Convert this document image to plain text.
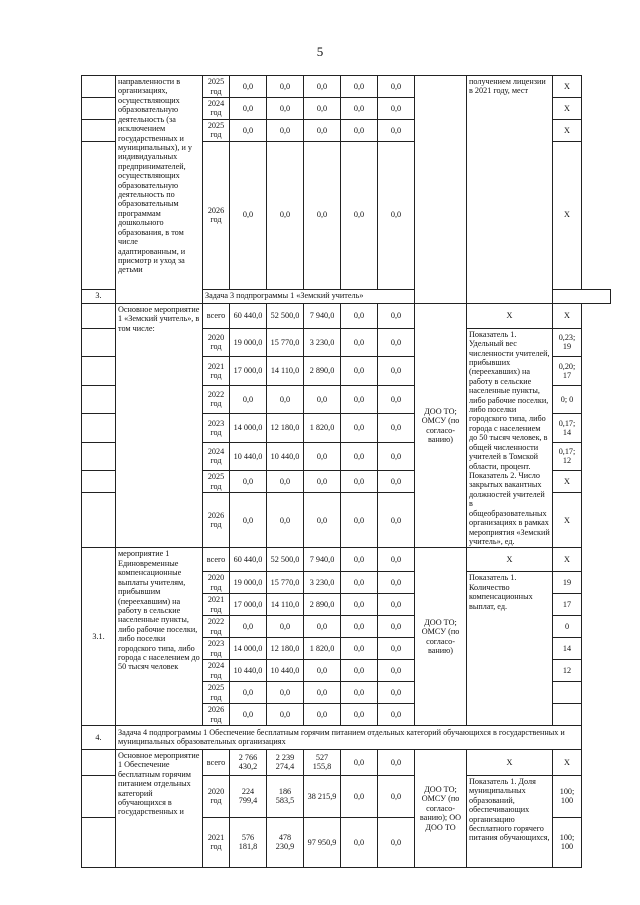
5
	направленности в организациях, осуществляющих образовательную деятельность (за исключением государственных и муниципальных), и у индивидуальных предпринимателей, осуществляющих образовательную деятельность по образовательным программам дошкольного образования, в том числе адаптированным, и присмотр и уход за детьми	2025 год	0,0	0,0	0,0	0,0	0,0		получением лицензии в 2021 году, мест	X
		2024 год	0,0	0,0	0,0	0,0	0,0			X
		2025 год	0,0	0,0	0,0	0,0	0,0			X
		2026 год	0,0	0,0	0,0	0,0	0,0			X
3.		Задача 3 подпрограммы 1 «Земский учитель»								
	Основное мероприятие 1 «Земский учитель», в том числе:	всего	60 440,0	52 500,0	7 940,0	0,0	0,0	ДОО ТО; ОМСУ (по согласо-ванию)	X	X
		2020 год	19 000,0	15 770,0	3 230,0	0,0	0,0		Показатель 1. Удельный вес численности учителей, прибывших (переехавших) на работу в сельские населенные пункты, либо рабочие поселки, либо поселки городского типа, либо города с населением до 50 тысяч человек, в общей численности учителей в Томской области, процент. Показатель 2. Число закрытых вакантных должностей учителей в общеобразовательных организациях в рамках мероприятия «Земский учитель», ед.	0,23; 19
		2021 год	17 000,0	14 110,0	2 890,0	0,0	0,0			0,20; 17
		2022 год	0,0	0,0	0,0	0,0	0,0			0; 0
		2023 год	14 000,0	12 180,0	1 820,0	0,0	0,0			0,17; 14
		2024 год	10 440,0	10 440,0	0,0	0,0	0,0			0,17; 12
		2025 год	0,0	0,0	0,0	0,0	0,0			X
		2026 год	0,0	0,0	0,0	0,0	0,0			X
3.1.	мероприятие 1 Единовременные компенсационные выплаты учителям, прибывшим (переехавшим) на работу в сельские населенные пункты, либо рабочие поселки, либо поселки городского типа, либо города с населением до 50 тысяч человек	всего	60 440,0	52 500,0	7 940,0	0,0	0,0	ДОО ТО; ОМСУ (по согласо-ванию)	X	X
		2020 год	19 000,0	15 770,0	3 230,0	0,0	0,0		Показатель 1. Количество компенсационных выплат, ед.	19
		2021 год	17 000,0	14 110,0	2 890,0	0,0	0,0			17
		2022 год	0,0	0,0	0,0	0,0	0,0			0
		2023 год	14 000,0	12 180,0	1 820,0	0,0	0,0			14
		2024 год	10 440,0	10 440,0	0,0	0,0	0,0			12
		2025 год	0,0	0,0	0,0	0,0	0,0			
		2026 год	0,0	0,0	0,0	0,0	0,0			
4.	Задача 4 подпрограммы 1 Обеспечение бесплатным горячим питанием отдельных категорий обучающихся в государственных и муниципальных образовательных организациях									
	Основное мероприятие 1 Обеспечение бесплатным горячим питанием отдельных категорий обучающихся в государственных и	всего	2 766 430,2	2 239 274,4	527 155,8	0,0	0,0	ДОО ТО; ОМСУ (по согласо-ванию); ОО ДОО ТО	X	X
		2020 год	224 799,4	186 583,5	38 215,9	0,0	0,0		Показатель 1. Доля муниципальных образований, обеспечивающих организацию бесплатного горячего питания обучающихся,	100; 100
		2021 год	576 181,8	478 230,9	97 950,9	0,0	0,0			100; 100
